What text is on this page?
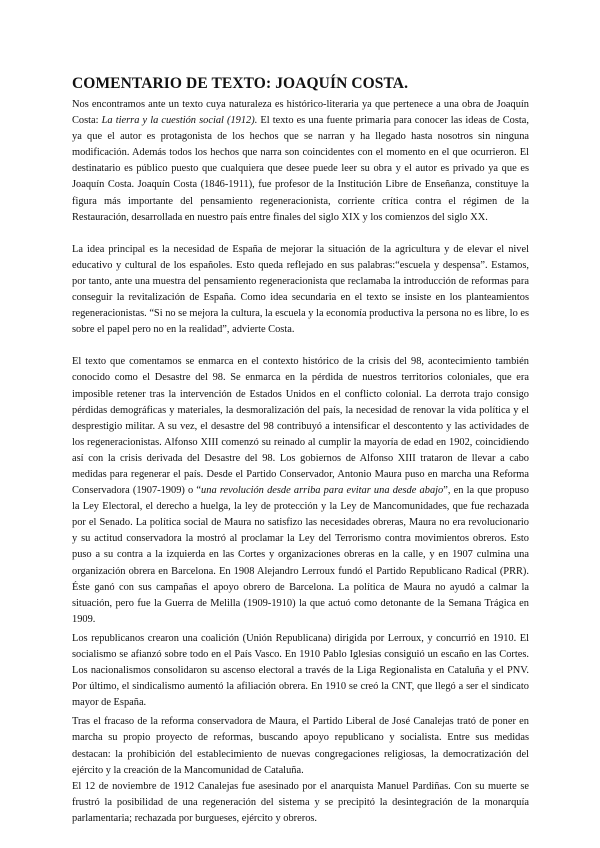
COMENTARIO DE TEXTO: JOAQUÍN COSTA.

Nos encontramos ante un texto cuya naturaleza es histórico-literaria ya que pertenece a una obra de Joaquín Costa: La tierra y la cuestión social (1912). El texto es una fuente primaria para conocer las ideas de Costa, ya que el autor es protagonista de los hechos que se narran y ha llegado hasta nosotros sin ninguna modificación. Además todos los hechos que narra son coincidentes con el momento en el que ocurrieron. El destinatario es público puesto que cualquiera que desee puede leer su obra y el autor es privado ya que es Joaquín Costa. Joaquín Costa (1846-1911), fue profesor de la Institución Libre de Enseñanza, constituye la figura más importante del pensamiento regeneracionista, corriente crítica contra el régimen de la Restauración, desarrollada en nuestro país entre finales del siglo XIX y los comienzos del siglo XX.

La idea principal es la necesidad de España de mejorar la situación de la agricultura y de elevar el nivel educativo y cultural de los españoles. Esto queda reflejado en sus palabras:“escuela y despensa”. Estamos, por tanto, ante una muestra del pensamiento regeneracionista que reclamaba la introducción de reformas para conseguir la revitalización de España. Como idea secundaria en el texto se insiste en los planteamientos regeneracionistas. “Si no se mejora la cultura, la escuela y la economía productiva la persona no es libre, lo es sobre el papel pero no en la realidad”, advierte Costa.

El texto que comentamos se enmarca en el contexto histórico de la crisis del 98, acontecimiento también conocido como el Desastre del 98. Se enmarca en la pérdida de nuestros territorios coloniales, que era imposible retener tras la intervención de Estados Unidos en el conflicto colonial. La derrota trajo consigo pérdidas demográficas y materiales, la desmoralización del país, la necesidad de renovar la vida política y el desprestigio militar. A su vez, el desastre del 98 contribuyó a intensificar el descontento y las actividades de los regeneracionistas. Alfonso XIII comenzó su reinado al cumplir la mayoría de edad en 1902, coincidiendo así con la crisis derivada del Desastre del 98. Los gobiernos de Alfonso XIII trataron de llevar a cabo medidas para regenerar el país. Desde el Partido Conservador, Antonio Maura puso en marcha una Reforma Conservadora (1907-1909) o “una revolución desde arriba para evitar una desde abajo”, en la que propuso la Ley Electoral, el derecho a huelga, la ley de protección y la Ley de Mancomunidades, que fue rechazada por el Senado. La política social de Maura no satisfizo las necesidades obreras, Maura no era revolucionario y su actitud conservadora la mostró al proclamar la Ley del Terrorismo contra movimientos obreros. Esto puso a su contra a la izquierda en las Cortes y organizaciones obreras en la calle, y en 1907 culmina una organización obrera en Barcelona. En 1908 Alejandro Lerroux fundó el Partido Republicano Radical (PRR). Éste ganó con sus campañas el apoyo obrero de Barcelona. La política de Maura no ayudó a calmar la situación, pero fue la Guerra de Melilla (1909-1910) la que actuó como detonante de la Semana Trágica en 1909.

Los republicanos crearon una coalición (Unión Republicana) dirigida por Lerroux, y concurrió en 1910. El socialismo se afianzó sobre todo en el País Vasco. En 1910 Pablo Iglesias consiguió un escaño en las Cortes. Los nacionalismos consolidaron su ascenso electoral a través de la Liga Regionalista en Cataluña y el PNV. Por último, el sindicalismo aumentó la afiliación obrera. En 1910 se creó la CNT, que llegó a ser el sindicato mayor de España.

Tras el fracaso de la reforma conservadora de Maura, el Partido Liberal de José Canalejas trató de poner en marcha su propio proyecto de reformas, buscando apoyo republicano y socialista. Entre sus medidas destacan: la prohibición del establecimiento de nuevas congregaciones religiosas, la democratización del ejército y la creación de la Mancomunidad de Cataluña.

El 12 de noviembre de 1912 Canalejas fue asesinado por el anarquista Manuel Pardiñas. Con su muerte se frustró la posibilidad de una regeneración del sistema y se precipitó la desintegración de la monarquía parlamentaria; rechazada por burgueses, ejército y obreros.
